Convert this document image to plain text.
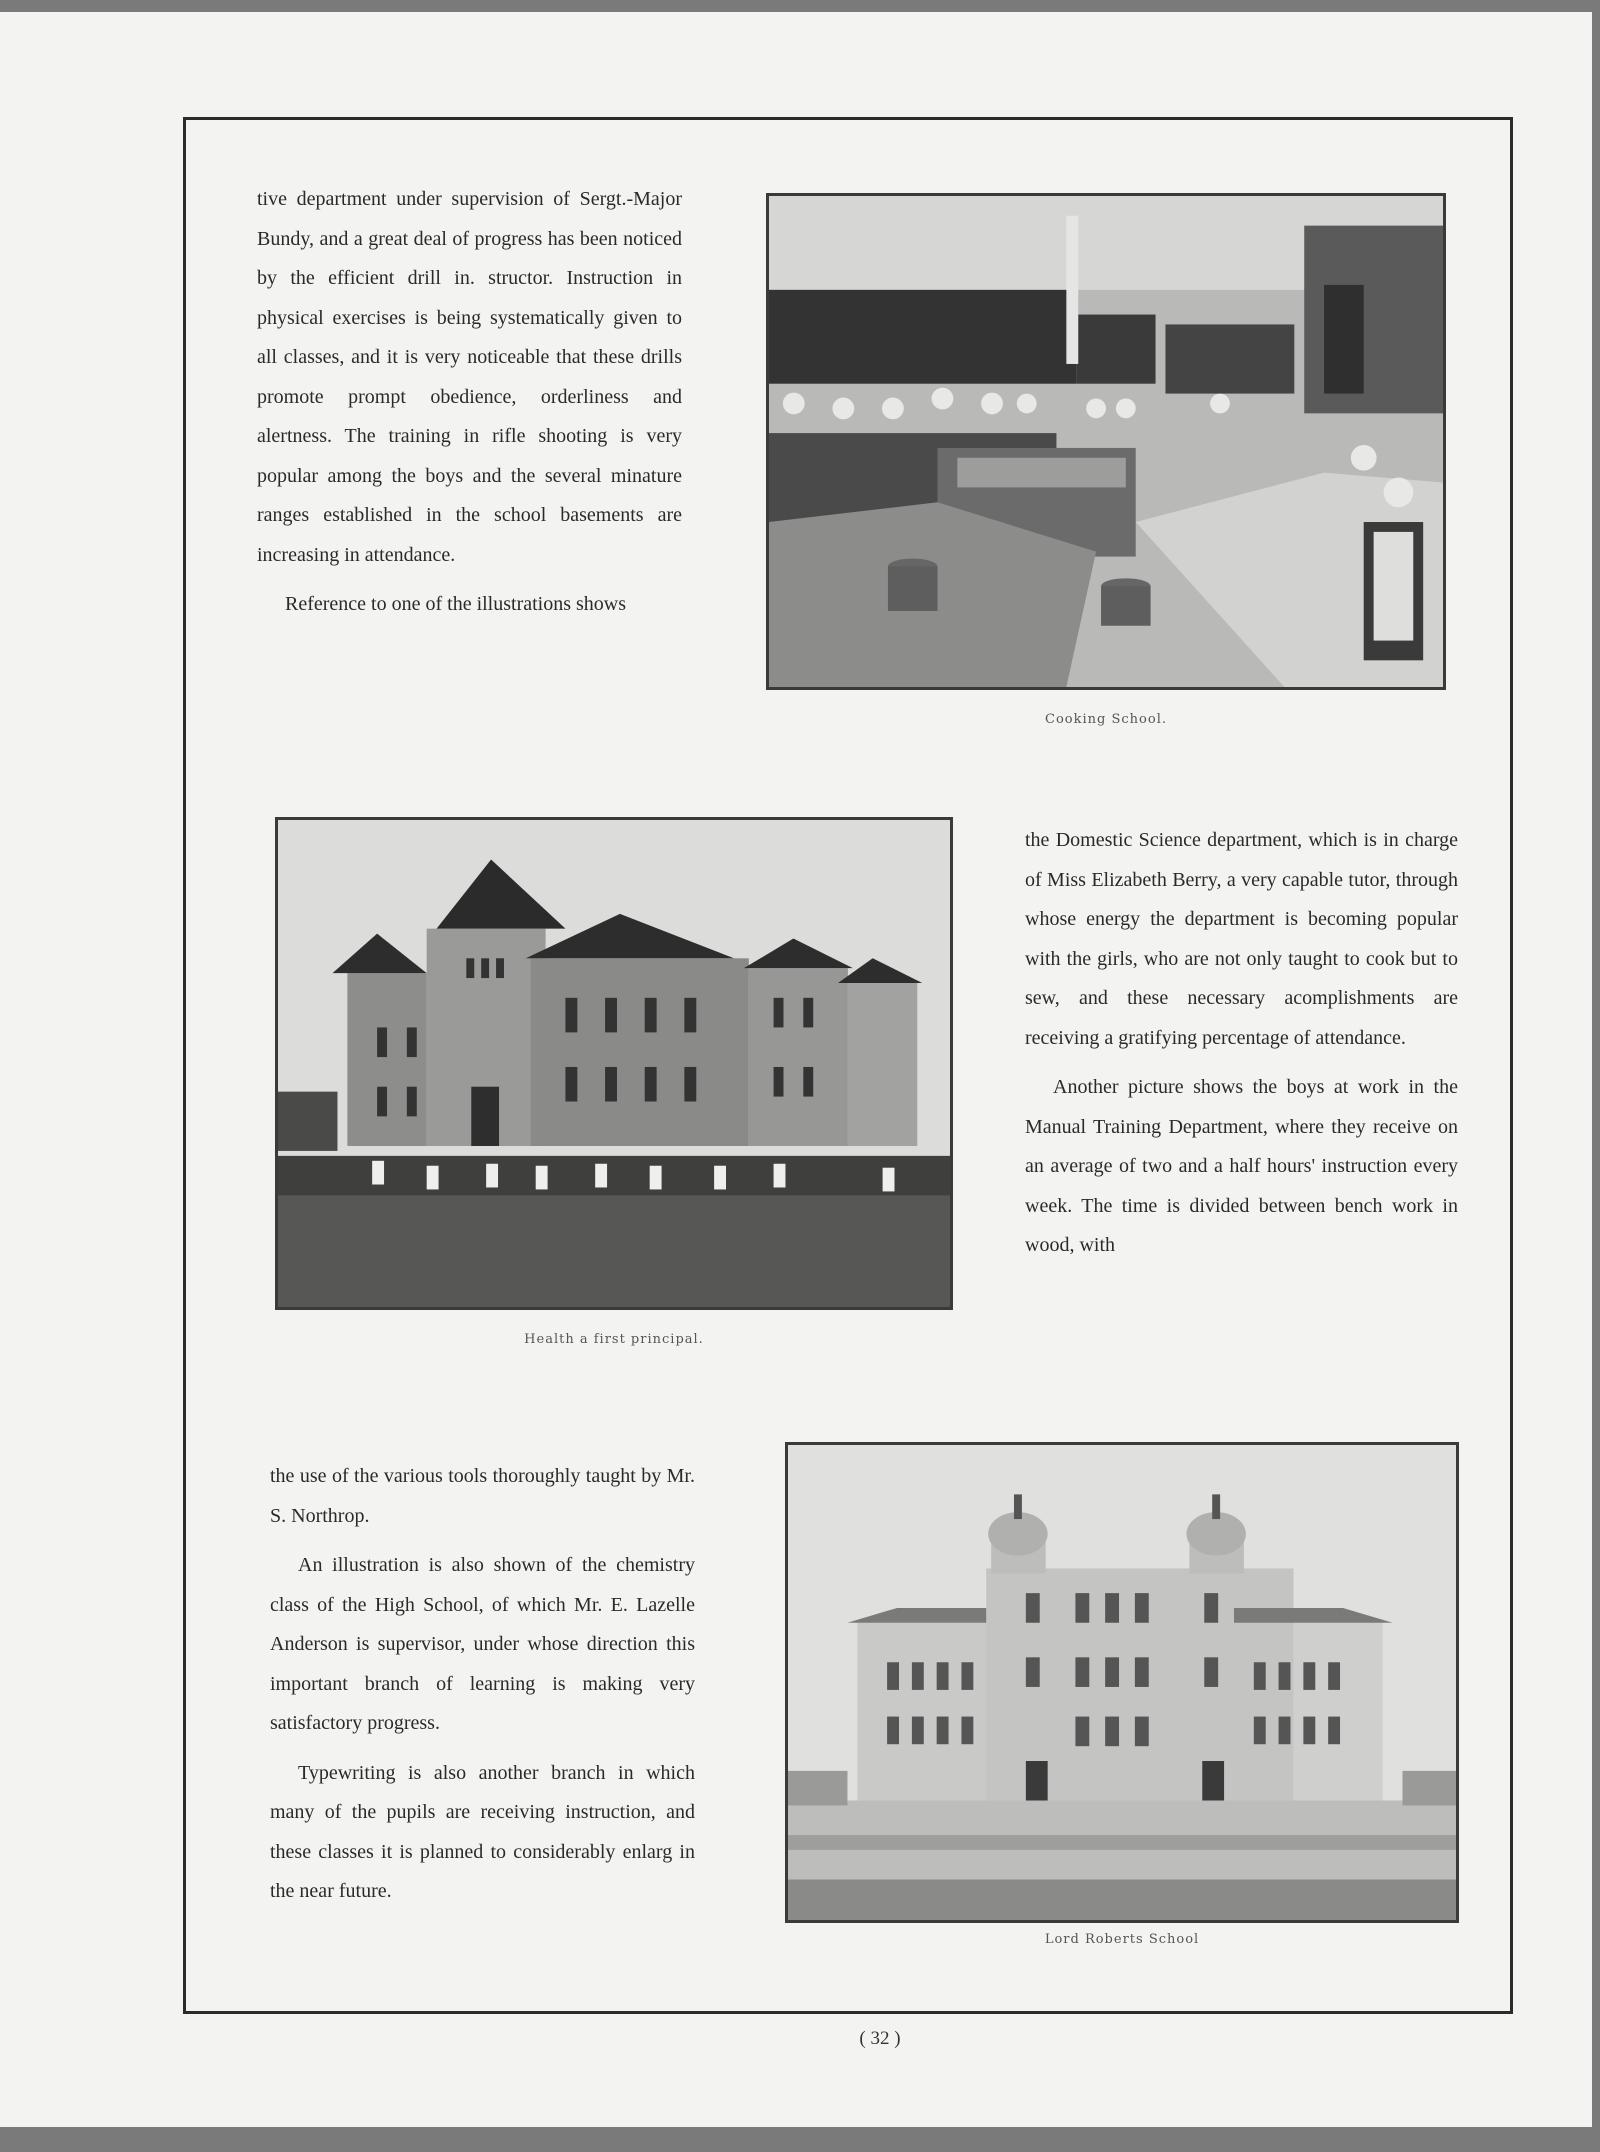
tive department under supervision of Sergt.-Major Bundy, and a great deal of progress has been noticed by the efficient drill in. structor. Instruction in physical exercises is being systematically given to all classes, and it is very noticeable that these drills promote prompt obedience, orderliness and alertness. The training in rifle shooting is very popular among the boys and the several minature ranges established in the school basements are increasing in attendance.

Reference to one of the illustrations shows

Cooking School.
Health a first principal.

the Domestic Science department, which is in charge of Miss Elizabeth Berry, a very capable tutor, through whose energy the department is becoming popular with the girls, who are not only taught to cook but to sew, and these necessary acomplishments are receiving a gratifying percentage of attendance.

Another picture shows the boys at work in the Manual Training Department, where they receive on an average of two and a half hours' instruction every week. The time is divided between bench work in wood, with

the use of the various tools thoroughly taught by Mr. S. Northrop.

An illustration is also shown of the chemistry class of the High School, of which Mr. E. Lazelle Anderson is supervisor, under whose direction this important branch of learning is making very satisfactory progress.

Typewriting is also another branch in which many of the pupils are receiving instruction, and these classes it is planned to considerably enlarg in the near future.

Lord Roberts School
( 32 )
